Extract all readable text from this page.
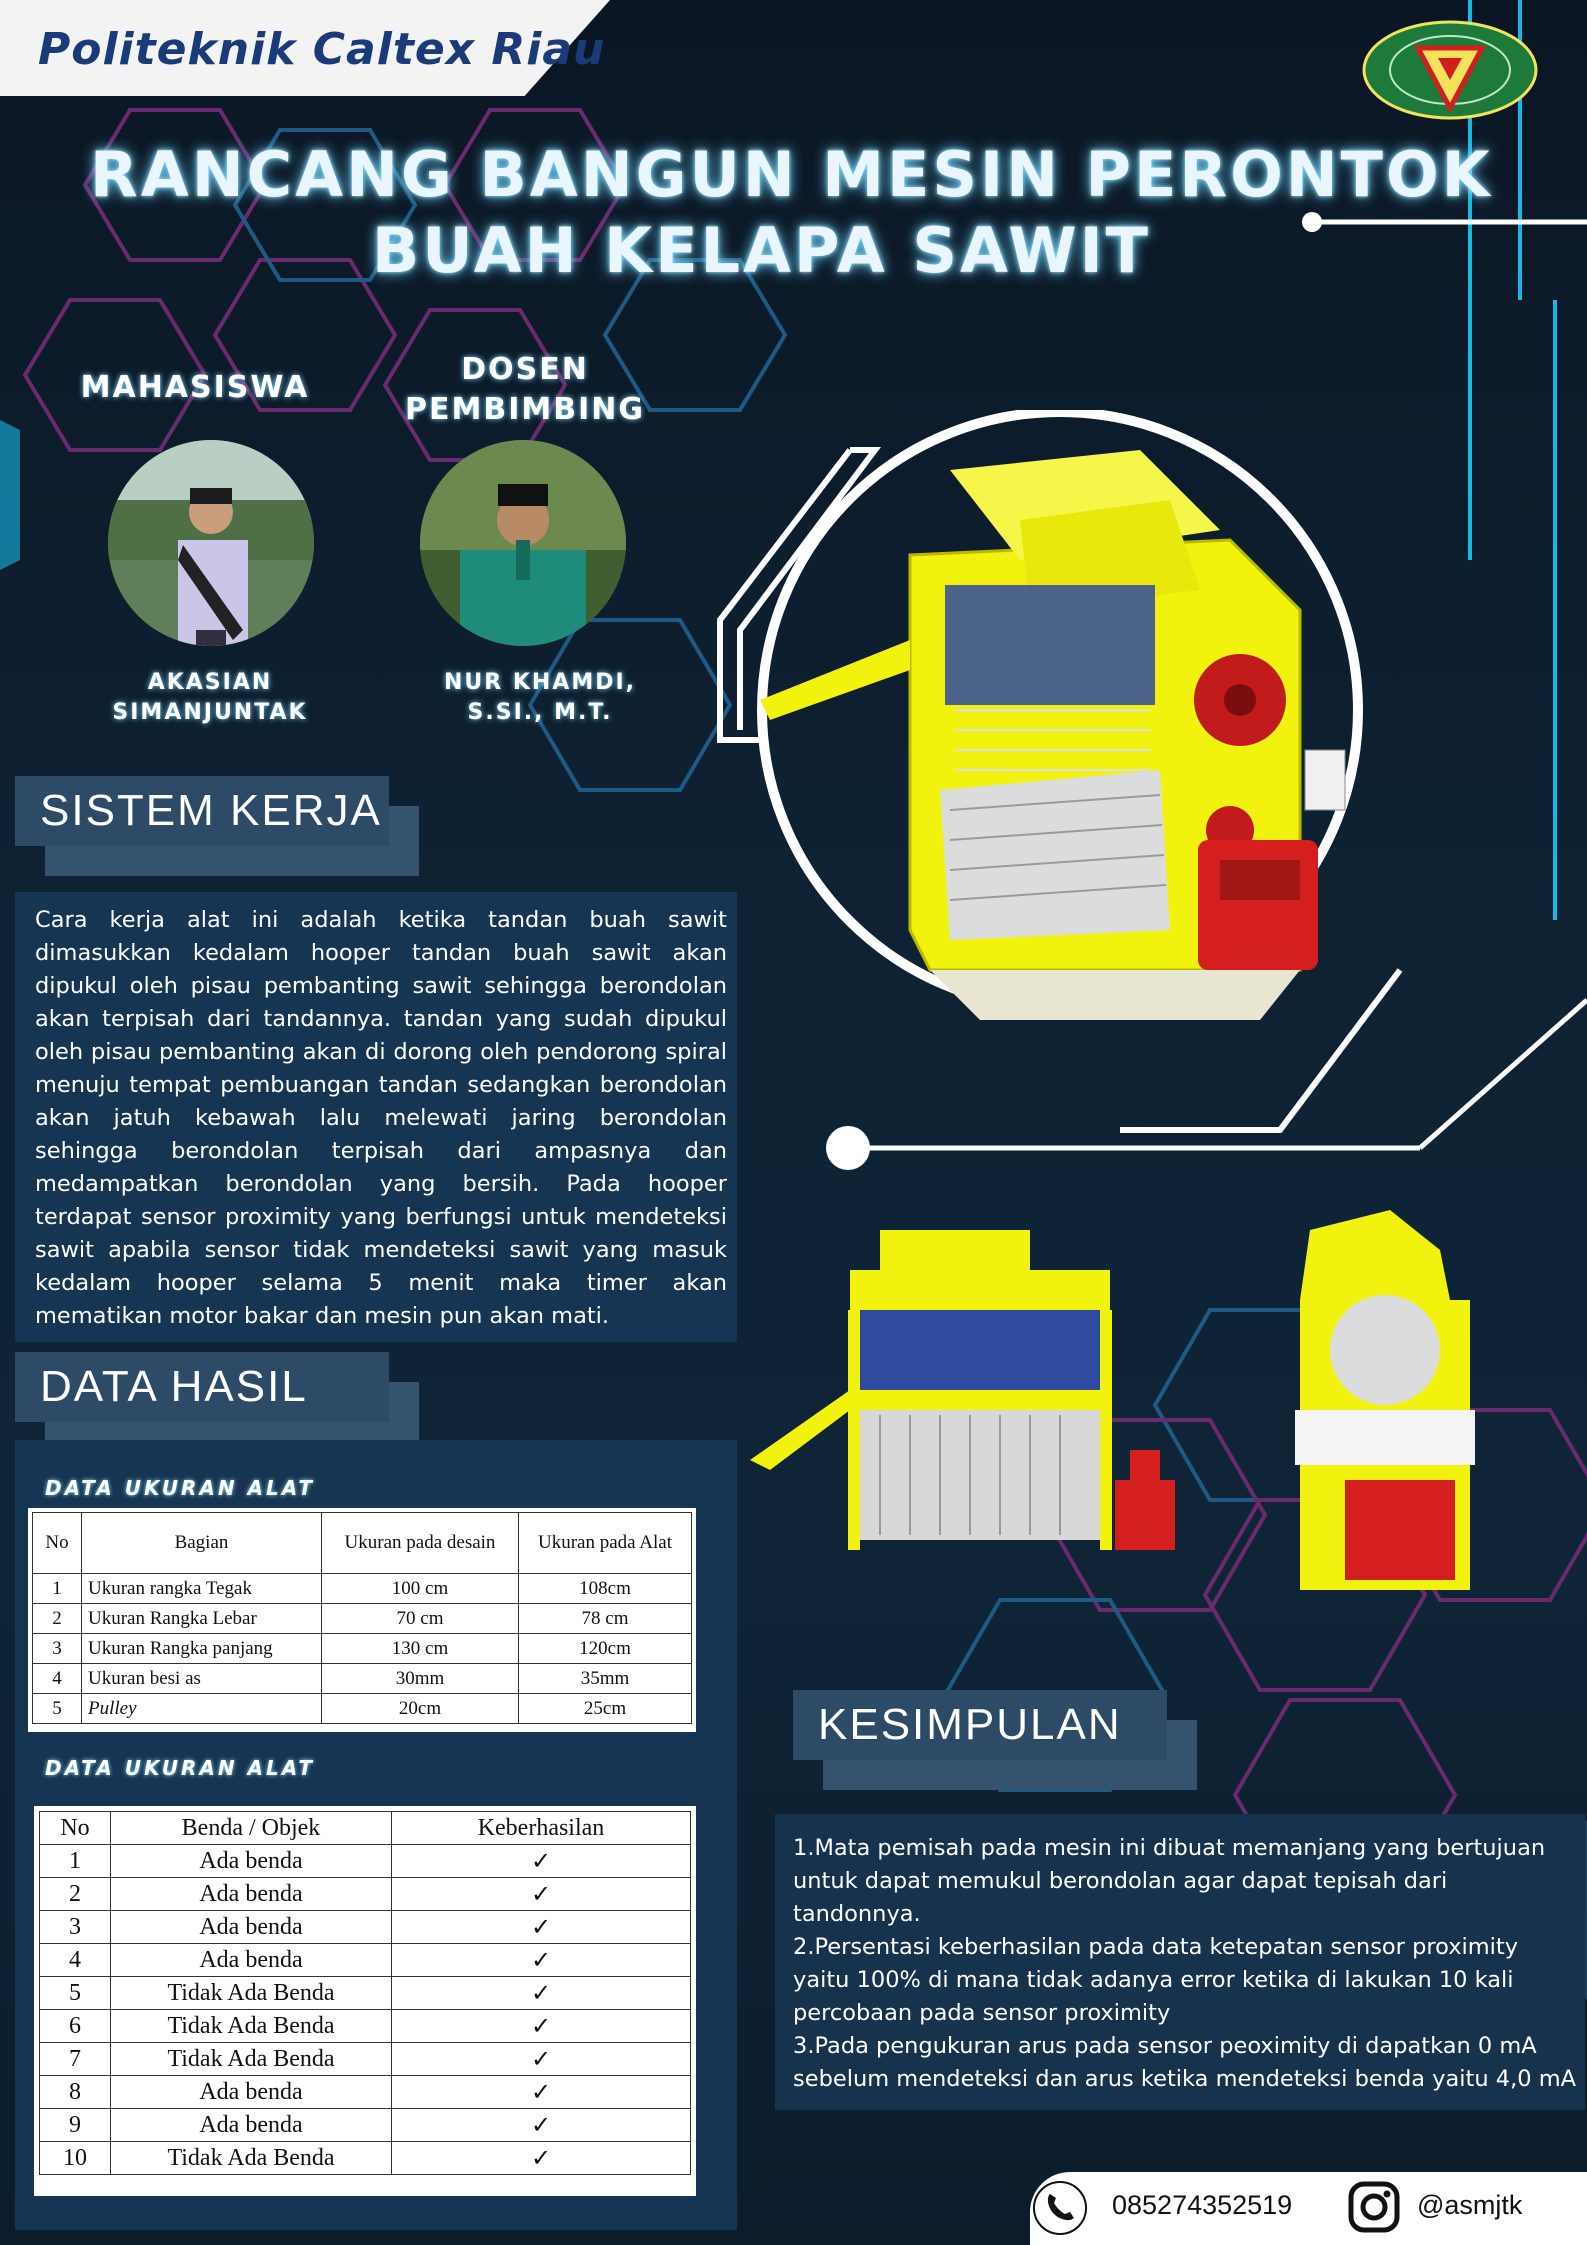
Politeknik Caltex Riau
RANCANG BANGUN MESIN PERONTOK
BUAH KELAPA SAWIT
MAHASISWA
DOSEN
PEMBIMBING
AKASIAN
SIMANJUNTAK
NUR KHAMDI,
S.SI., M.T.
SISTEM KERJA
Cara kerja alat ini adalah ketika tandan buah sawit dimasukkan kedalam hooper tandan buah sawit akan dipukul oleh pisau pembanting sawit sehingga berondolan akan terpisah dari tandannya. tandan yang sudah dipukul oleh pisau pembanting akan di dorong oleh pendorong spiral menuju tempat pembuangan tandan sedangkan berondolan akan jatuh kebawah lalu melewati jaring berondolan sehingga berondolan terpisah dari ampasnya dan medampatkan berondolan yang bersih. Pada hooper terdapat sensor proximity yang berfungsi untuk mendeteksi sawit apabila sensor tidak mendeteksi sawit yang masuk kedalam hooper selama 5 menit maka timer akan mematikan motor bakar dan mesin pun akan mati.
DATA HASIL
DATA UKURAN ALAT
No	Bagian	Ukuran pada desain	Ukuran pada Alat
1	Ukuran rangka Tegak	100 cm	108cm
2	Ukuran Rangka Lebar	70 cm	78 cm
3	Ukuran Rangka panjang	130 cm	120cm
4	Ukuran besi as	30mm	35mm
5	Pulley	20cm	25cm
DATA UKURAN ALAT
No	Benda / Objek	Keberhasilan
1	Ada benda	✓
2	Ada benda	✓
3	Ada benda	✓
4	Ada benda	✓
5	Tidak Ada Benda	✓
6	Tidak Ada Benda	✓
7	Tidak Ada Benda	✓
8	Ada benda	✓
9	Ada benda	✓
10	Tidak Ada Benda	✓
KESIMPULAN
1.Mata pemisah pada mesin ini dibuat memanjang yang bertujuan untuk dapat memukul berondolan agar dapat tepisah dari tandonnya.
2.Persentasi keberhasilan pada data ketepatan sensor proximity yaitu 100% di mana tidak adanya error ketika di lakukan 10 kali percobaan pada sensor proximity
3.Pada pengukuran arus pada sensor peoximity di dapatkan 0 mA sebelum mendeteksi dan arus ketika mendeteksi benda yaitu 4,0 mA
085274352519	@asmjtk
